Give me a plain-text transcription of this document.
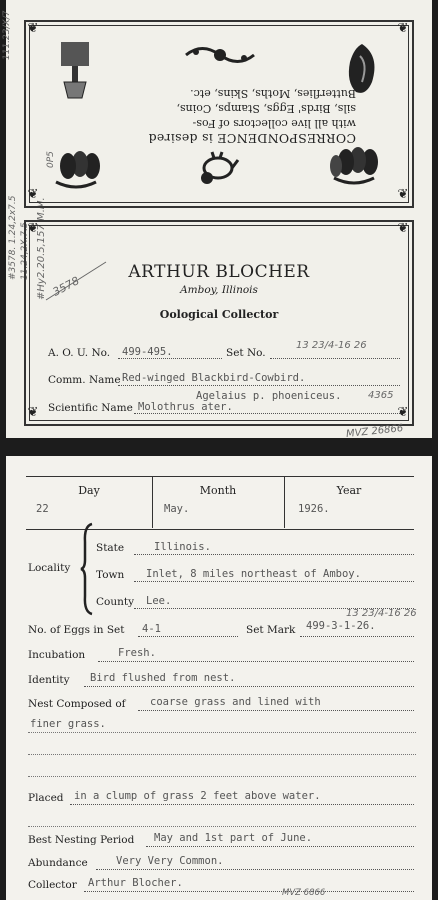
111.23/X/7
#3578. 1.24,2x7.5
11.24,2X.7.5 #Hy2.20.5,157 M.M.
0P5
❦	❦
❦	❦
CORRESPONDENCE is desired
with all live collectors of Fos-
sils, Birds' Eggs, Stamps, Coins,
Butterflies, Moths, Skins, etc.
❦	❦
❦	❦
3578
ARTHUR BLOCHER
Amboy, Illinois
Oological Collector
A. O. U. No. 499-495.	Set No.
13 23/4-16 26
Comm. Name Red-winged Blackbird-Cowbird.
Agelaius p. phoeniceus.	4365
Scientific Name Molothrus ater.
MVZ 26866
Day	Month	Year
22	May.	1926.
Locality
State	Illinois.
Town Inlet, 8 miles northeast of Amboy.
County Lee.
13 23/4-16 26
No. of Eggs in Set 4-1	Set Mark 499-3-1-26.
Incubation	Fresh.
Identity Bird flushed from nest.
Nest Composed of coarse grass and lined with
finer grass.
Placed in a clump of grass 2 feet above water.
Best Nesting Period May and 1st part of June.
Abundance	Very Very Common.
Collector Arthur Blocher.
MVZ 6866
